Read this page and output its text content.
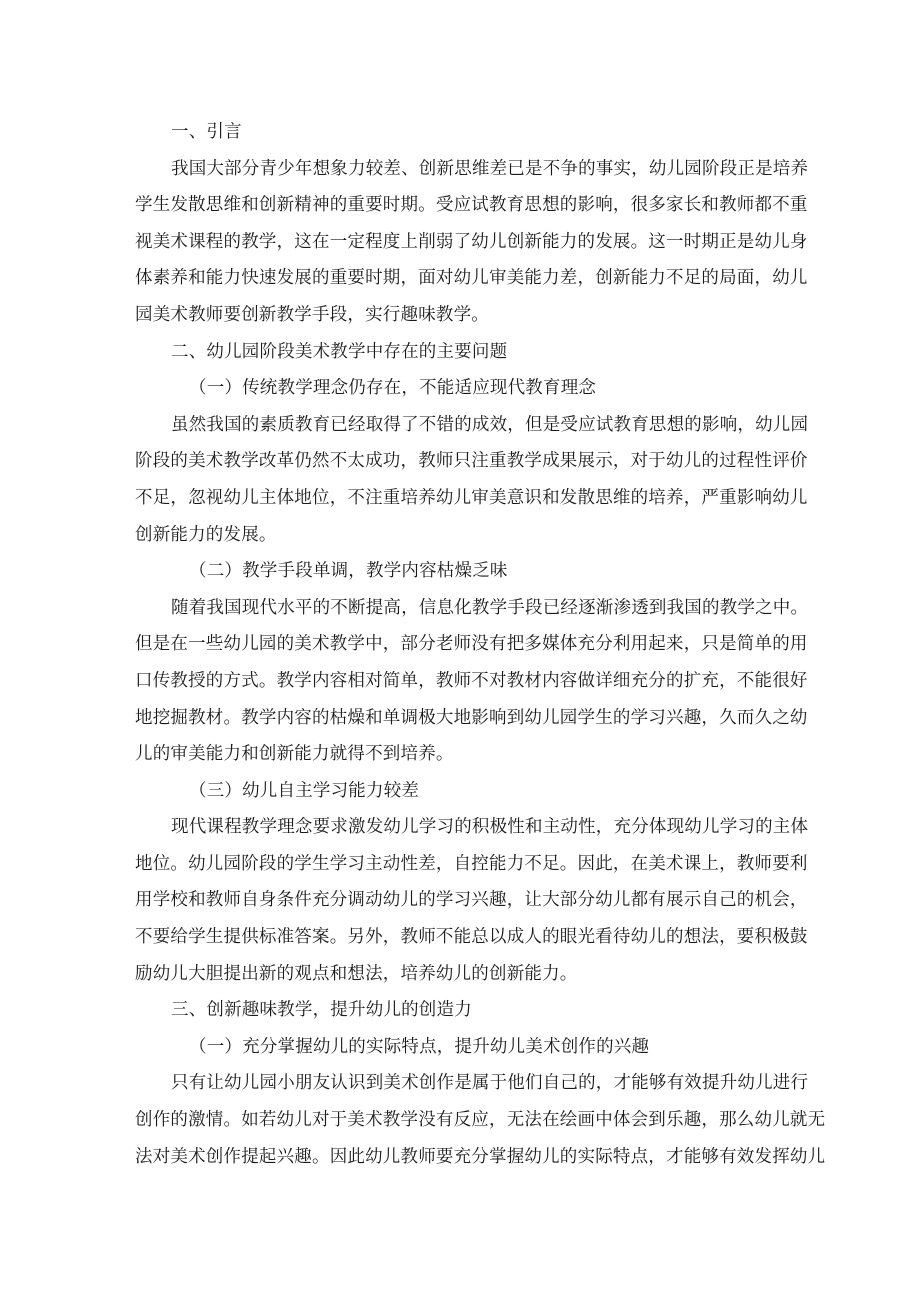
一、引言
我国大部分青少年想象力较差、创新思维差已是不争的事实，幼儿园阶段正是培养
学生发散思维和创新精神的重要时期。受应试教育思想的影响，很多家长和教师都不重
视美术课程的教学，这在一定程度上削弱了幼儿创新能力的发展。这一时期正是幼儿身
体素养和能力快速发展的重要时期，面对幼儿审美能力差，创新能力不足的局面，幼儿
园美术教师要创新教学手段，实行趣味教学。
二、幼儿园阶段美术教学中存在的主要问题
（一）传统教学理念仍存在，不能适应现代教育理念
虽然我国的素质教育已经取得了不错的成效，但是受应试教育思想的影响，幼儿园
阶段的美术教学改革仍然不太成功，教师只注重教学成果展示，对于幼儿的过程性评价
不足，忽视幼儿主体地位，不注重培养幼儿审美意识和发散思维的培养，严重影响幼儿
创新能力的发展。
（二）教学手段单调，教学内容枯燥乏味
随着我国现代水平的不断提高，信息化教学手段已经逐渐渗透到我国的教学之中。
但是在一些幼儿园的美术教学中，部分老师没有把多媒体充分利用起来，只是简单的用
口传教授的方式。教学内容相对简单，教师不对教材内容做详细充分的扩充，不能很好
地挖掘教材。教学内容的枯燥和单调极大地影响到幼儿园学生的学习兴趣，久而久之幼
儿的审美能力和创新能力就得不到培养。
（三）幼儿自主学习能力较差
现代课程教学理念要求激发幼儿学习的积极性和主动性，充分体现幼儿学习的主体
地位。幼儿园阶段的学生学习主动性差，自控能力不足。因此，在美术课上，教师要利
用学校和教师自身条件充分调动幼儿的学习兴趣，让大部分幼儿都有展示自己的机会，
不要给学生提供标准答案。另外，教师不能总以成人的眼光看待幼儿的想法，要积极鼓
励幼儿大胆提出新的观点和想法，培养幼儿的创新能力。
三、创新趣味教学，提升幼儿的创造力
（一）充分掌握幼儿的实际特点，提升幼儿美术创作的兴趣
只有让幼儿园小朋友认识到美术创作是属于他们自己的，才能够有效提升幼儿进行
创作的激情。如若幼儿对于美术教学没有反应，无法在绘画中体会到乐趣，那么幼儿就无
法对美术创作提起兴趣。因此幼儿教师要充分掌握幼儿的实际特点，才能够有效发挥幼儿
